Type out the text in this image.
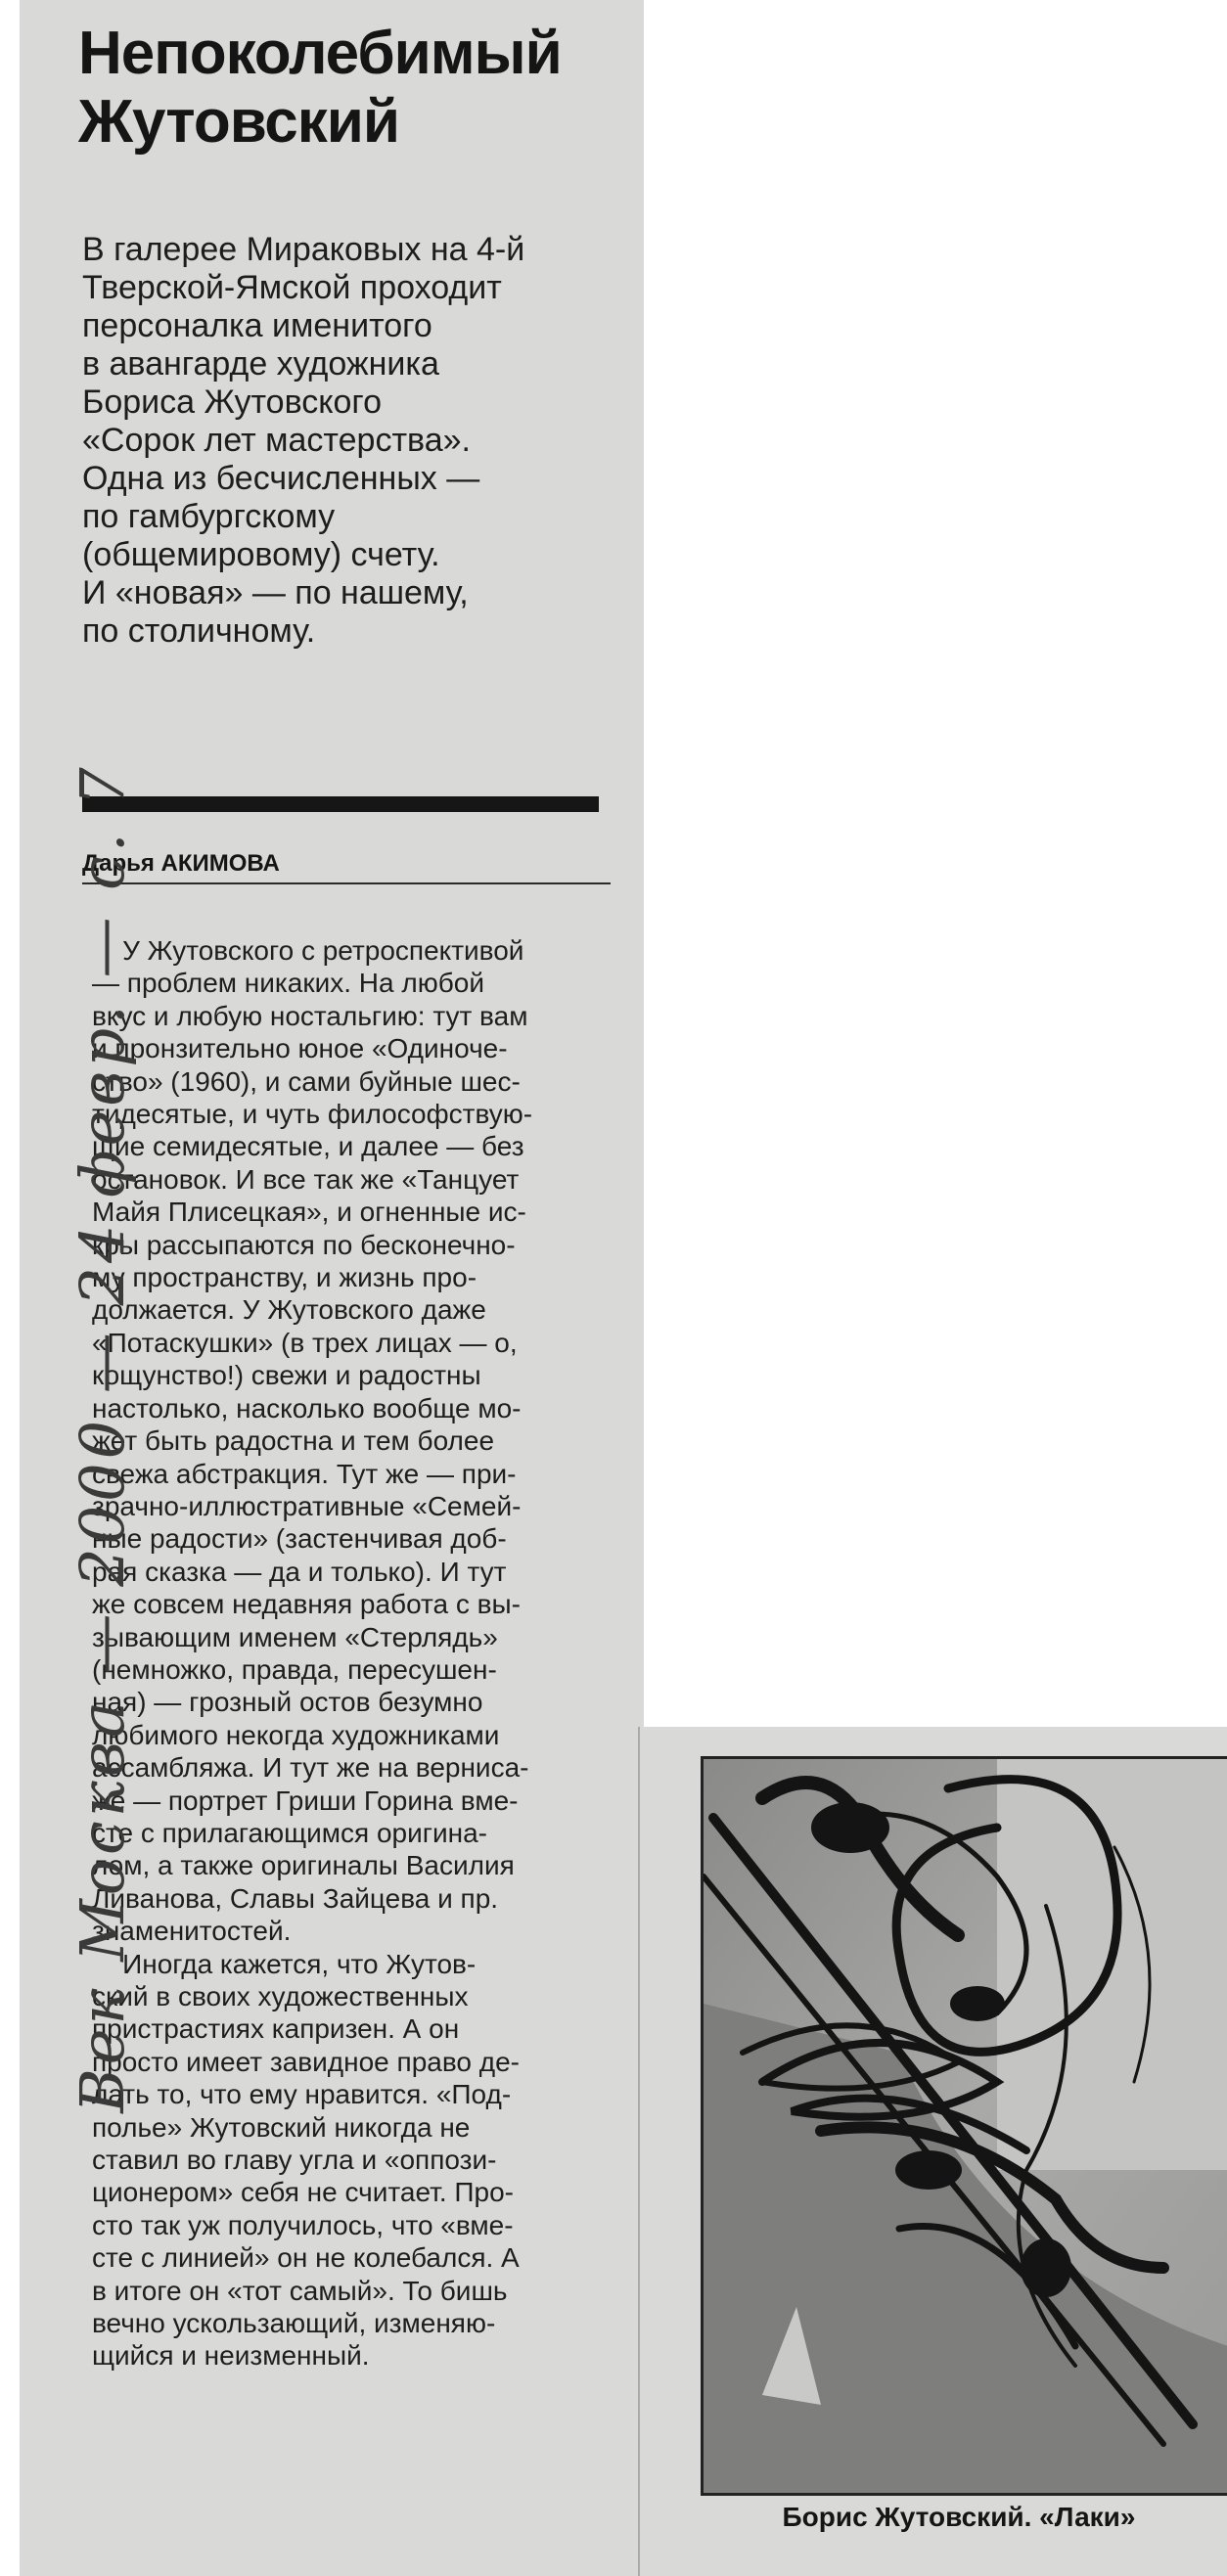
Непоколебимый
Жутовский
В галерее Мираковых на 4-й
Тверской-Ямской проходит
персоналка именитого
в авангарде художника
Бориса Жутовского
«Сорок лет мастерства».
Одна из бесчисленных —
по гамбургскому
(общемировому) счету.
И «новая» — по нашему,
по столичному.
Дарья АКИМОВА
У Жутовского с ретроспективой
— проблем никаких. На любой
вкус и любую ностальгию: тут вам
и пронзительно юное «Одиноче-
ство» (1960), и сами буйные шес-
тидесятые, и чуть философствую-
щие семидесятые, и далее — без
остановок. И все так же «Танцует
Майя Плисецкая», и огненные ис-
кры рассыпаются по бесконечно-
му пространству, и жизнь про-
должается. У Жутовского даже
«Потаскушки» (в трех лицах — о,
кощунство!) свежи и радостны
настолько, насколько вообще мо-
жет быть радостна и тем более
свежа абстракция. Тут же — при-
зрачно-иллюстративные «Семей-
ные радости» (застенчивая доб-
рая сказка — да и только). И тут
же совсем недавняя работа с вы-
зывающим именем «Стерлядь»
(немножко, правда, пересушен-
ная) — грозный остов безумно
любимого некогда художниками
ассамбляжа. И тут же на верниса-
же — портрет Гриши Горина вме-
сте с прилагающимся оригина-
лом, а также оригиналы Василия
Ливанова, Славы Зайцева и пр.
знаменитостей.
Иногда кажется, что Жутов-
ский в своих художественных
пристрастиях капризен. А он
просто имеет завидное право де-
лать то, что ему нравится. «Под-
полье» Жутовский никогда не
ставил во главу угла и «оппози-
ционером» себя не считает. Про-
сто так уж получилось, что «вме-
сте с линией» он не колебался. А
в итоге он «тот самый». То бишь
вечно ускользающий, изменяю-
щийся и неизменный.
Век Москва — 2000 — 24 февр. — с. 7
Борис Жутовский. «Лаки»
